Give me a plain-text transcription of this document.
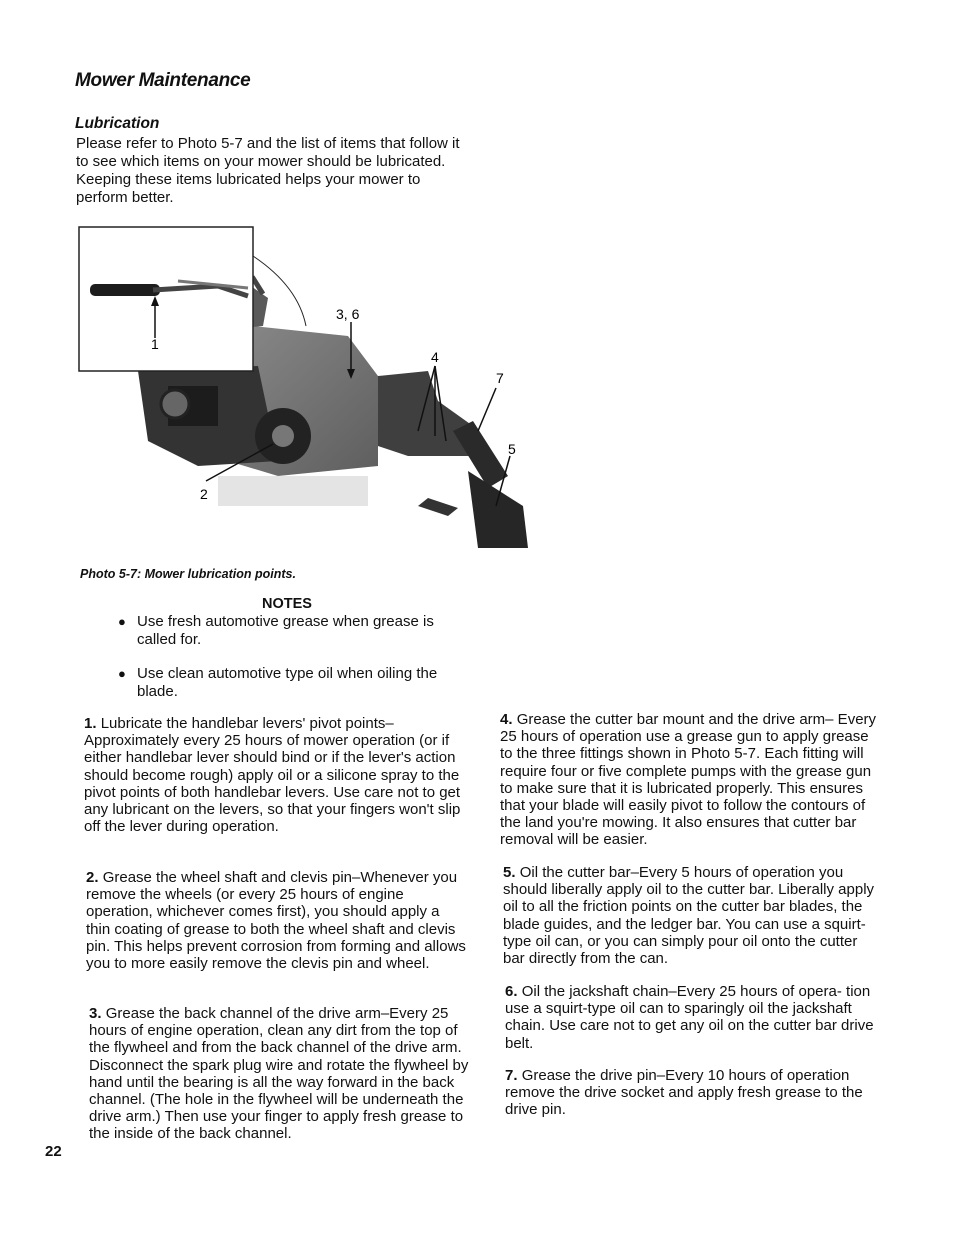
Mower Maintenance
Lubrication
Please refer to Photo 5-7 and the list of items that follow it to see which items on your mower should be lubricated. Keeping these items lubricated helps your mower to perform better.
1
2
3, 6
4
5
7
Photo 5-7: Mower lubrication points.
NOTES
● Use fresh automotive grease when grease is called for.
● Use clean automotive type oil when oiling the blade.
1. Lubricate the handlebar levers' pivot points– Approximately every 25 hours of mower operation (or if either handlebar lever should bind or if the lever's action should become rough) apply oil or a silicone spray to the pivot points of both handlebar levers. Use care not to get any lubricant on the levers, so that your fingers won't slip off the lever during operation.
2. Grease the wheel shaft and clevis pin–Whenever you remove the wheels (or every 25 hours of engine operation, whichever comes first), you should apply a thin coating of grease to both the wheel shaft and clevis pin. This helps prevent corrosion from forming and allows you to more easily remove the clevis pin and wheel.
3. Grease the back channel of the drive arm–Every 25 hours of engine operation, clean any dirt from the top of the flywheel and from the back channel of the drive arm. Disconnect the spark plug wire and rotate the flywheel by hand until the bearing is all the way forward in the back channel. (The hole in the flywheel will be underneath the drive arm.) Then use your finger to apply fresh grease to the inside of the back channel.
4. Grease the cutter bar mount and the drive arm– Every 25 hours of operation use a grease gun to apply grease to the three fittings shown in Photo 5-7. Each fitting will require four or five complete pumps with the grease gun to make sure that it is lubricated properly. This ensures that your blade will easily pivot to follow the contours of the land you're mowing. It also ensures that cutter bar removal will be easier.
5. Oil the cutter bar–Every 5 hours of operation you should liberally apply oil to the cutter bar. Liberally apply oil to all the friction points on the cutter bar blades, the blade guides, and the ledger bar. You can use a squirt-type oil can, or you can simply pour oil onto the cutter bar directly from the can.
6. Oil the jackshaft chain–Every 25 hours of opera- tion use a squirt-type oil can to sparingly oil the jackshaft chain. Use care not to get any oil on the cutter bar drive belt.
7. Grease the drive pin–Every 10 hours of operation remove the drive socket and apply fresh grease to the drive pin.
22
